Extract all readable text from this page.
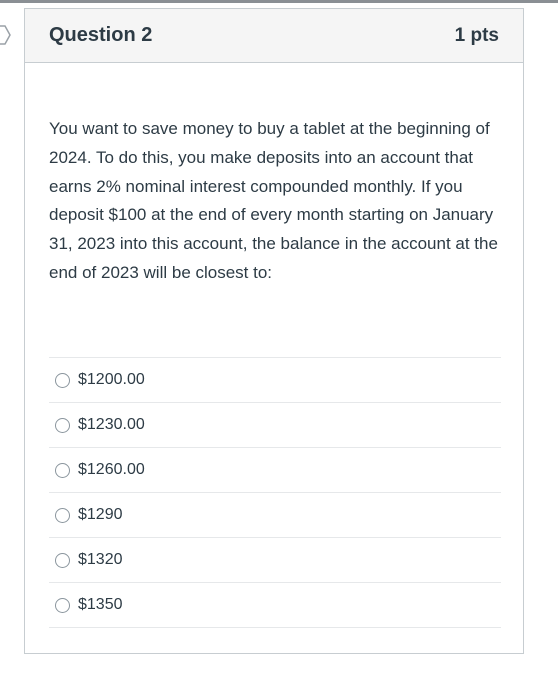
Question 2	1 pts
You want to save money to buy a tablet at the beginning of 2024. To do this, you make deposits into an account that earns 2% nominal interest compounded monthly. If you deposit $100 at the end of every month starting on January 31, 2023 into this account, the balance in the account at the end of 2023 will be closest to:
$1200.00
$1230.00
$1260.00
$1290
$1320
$1350
